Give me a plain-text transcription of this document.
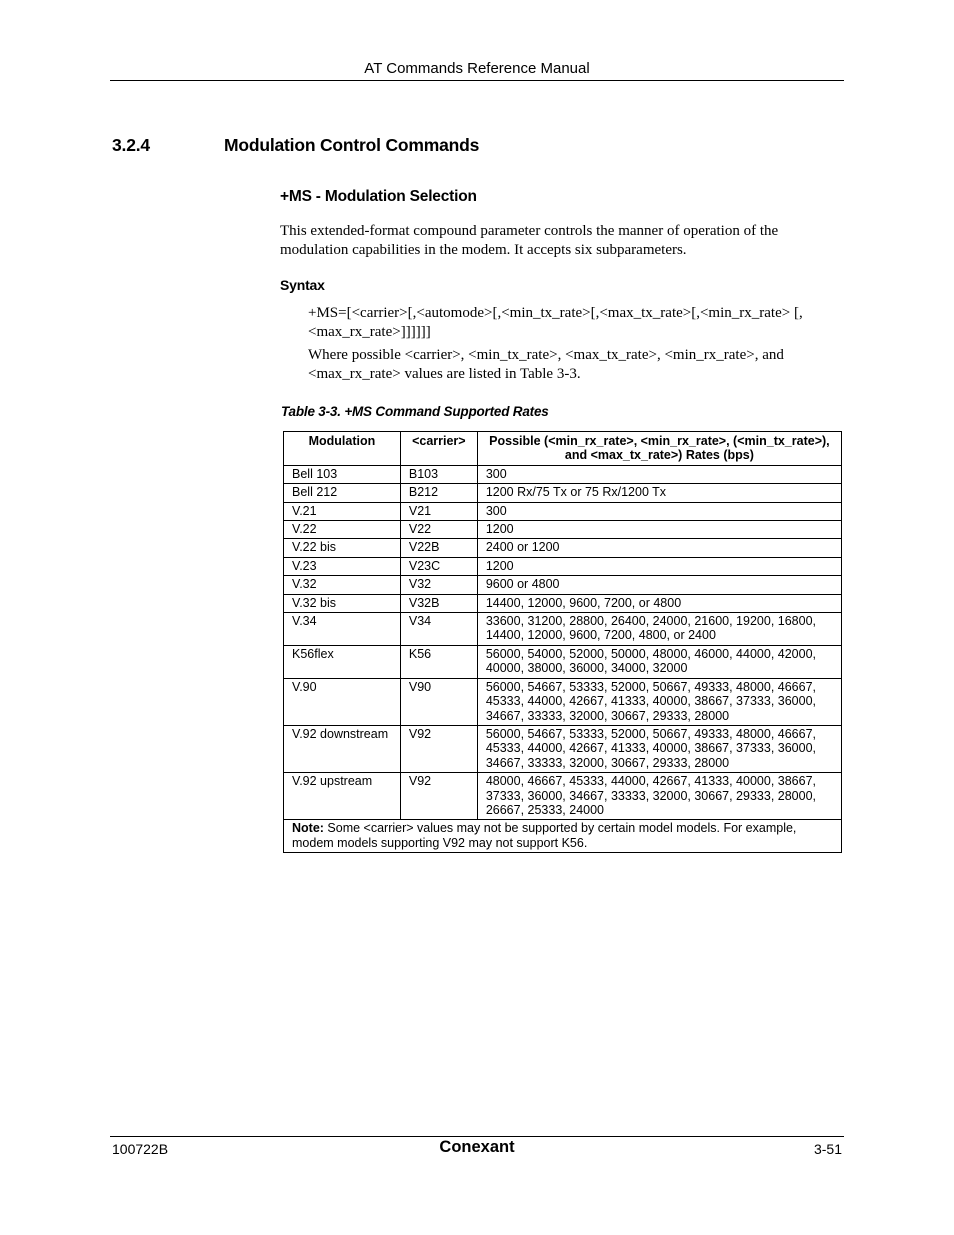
AT Commands Reference Manual
3.2.4	Modulation Control Commands
+MS - Modulation Selection
This extended-format compound parameter controls the manner of operation of the modulation capabilities in the modem. It accepts six subparameters.
Syntax
+MS=[<carrier>[,<automode>[,<min_tx_rate>[,<max_tx_rate>[,<min_rx_rate> [,<max_rx_rate>]]]]]]
Where possible <carrier>, <min_tx_rate>, <max_tx_rate>, <min_rx_rate>, and <max_rx_rate> values are listed in Table 3-3.
Table 3-3. +MS Command Supported Rates
Modulation	<carrier>	Possible (<min_rx_rate>, <min_rx_rate>, (<min_tx_rate>), and <max_tx_rate>) Rates (bps)
Bell 103	B103	300
Bell 212	B212	1200 Rx/75 Tx or 75 Rx/1200 Tx
V.21	V21	300
V.22	V22	1200
V.22 bis	V22B	2400 or 1200
V.23	V23C	1200
V.32	V32	9600 or 4800
V.32 bis	V32B	14400, 12000, 9600, 7200, or 4800
V.34	V34	33600, 31200, 28800, 26400, 24000, 21600, 19200, 16800, 14400, 12000, 9600, 7200, 4800, or 2400
K56flex	K56	56000, 54000, 52000, 50000, 48000, 46000, 44000, 42000, 40000, 38000, 36000, 34000, 32000
V.90	V90	56000, 54667, 53333, 52000, 50667, 49333, 48000, 46667, 45333, 44000, 42667, 41333, 40000, 38667, 37333, 36000, 34667, 33333, 32000, 30667, 29333, 28000
V.92 downstream	V92	56000, 54667, 53333, 52000, 50667, 49333, 48000, 46667, 45333, 44000, 42667, 41333, 40000, 38667, 37333, 36000, 34667, 33333, 32000, 30667, 29333, 28000
V.92 upstream	V92	48000, 46667, 45333, 44000, 42667, 41333, 40000, 38667, 37333, 36000, 34667, 33333, 32000, 30667, 29333, 28000, 26667, 25333, 24000
Note: Some <carrier> values may not be supported by certain model models. For example, modem models supporting V92 may not support K56.		
100722B	Conexant	3-51
